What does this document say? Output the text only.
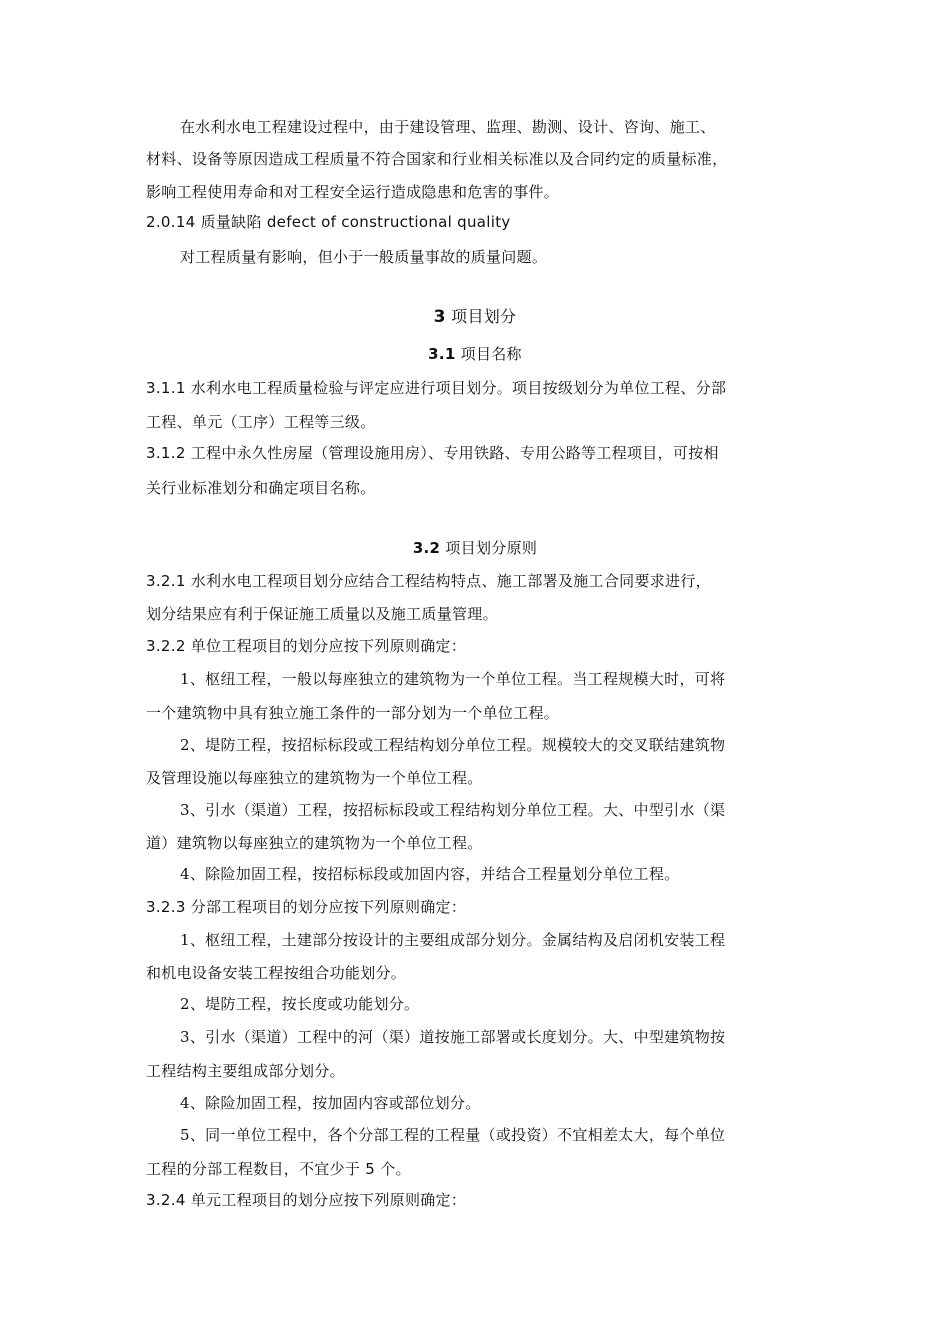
在水利水电工程建设过程中，由于建设管理、监理、勘测、设计、咨询、施工、
材料、设备等原因造成工程质量不符合国家和行业相关标准以及合同约定的质量标准，
影响工程使用寿命和对工程安全运行造成隐患和危害的事件。
2.0.14 质量缺陷 defect of constructional quality
对工程质量有影响，但小于一般质量事故的质量问题。
3 项目划分
3.1 项目名称
3.1.1 水利水电工程质量检验与评定应进行项目划分。项目按级划分为单位工程、分部
工程、单元（工序）工程等三级。
3.1.2 工程中永久性房屋（管理设施用房）、专用铁路、专用公路等工程项目，可按相
关行业标准划分和确定项目名称。
3.2 项目划分原则
3.2.1 水利水电工程项目划分应结合工程结构特点、施工部署及施工合同要求进行，
划分结果应有利于保证施工质量以及施工质量管理。
3.2.2 单位工程项目的划分应按下列原则确定：
1、枢纽工程，一般以每座独立的建筑物为一个单位工程。当工程规模大时，可将
一个建筑物中具有独立施工条件的一部分划为一个单位工程。
2、堤防工程，按招标标段或工程结构划分单位工程。规模较大的交叉联结建筑物
及管理设施以每座独立的建筑物为一个单位工程。
3、引水（渠道）工程，按招标标段或工程结构划分单位工程。大、中型引水（渠
道）建筑物以每座独立的建筑物为一个单位工程。
4、除险加固工程，按招标标段或加固内容，并结合工程量划分单位工程。
3.2.3 分部工程项目的划分应按下列原则确定：
1、枢纽工程，土建部分按设计的主要组成部分划分。金属结构及启闭机安装工程
和机电设备安装工程按组合功能划分。
2、堤防工程，按长度或功能划分。
3、引水（渠道）工程中的河（渠）道按施工部署或长度划分。大、中型建筑物按
工程结构主要组成部分划分。
4、除险加固工程，按加固内容或部位划分。
5、同一单位工程中，各个分部工程的工程量（或投资）不宜相差太大，每个单位
工程的分部工程数目，不宜少于 5 个。
3.2.4 单元工程项目的划分应按下列原则确定：
